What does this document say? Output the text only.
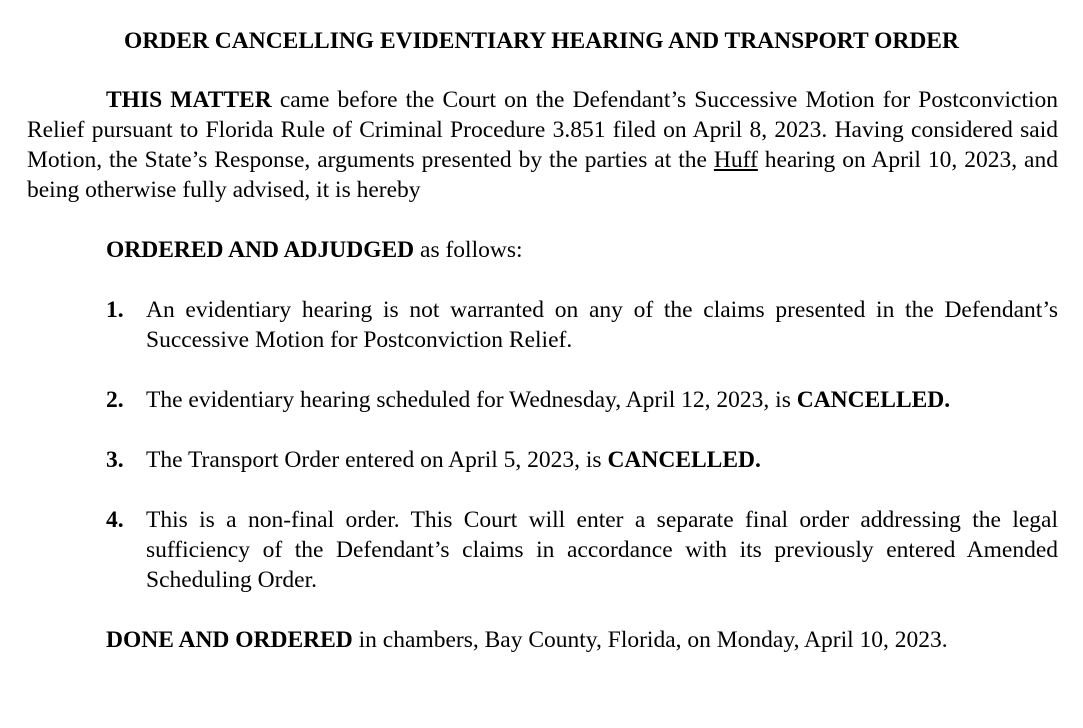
ORDER CANCELLING EVIDENTIARY HEARING AND TRANSPORT ORDER

THIS MATTER came before the Court on the Defendant’s Successive Motion for Postconviction Relief pursuant to Florida Rule of Criminal Procedure 3.851 filed on April 8, 2023. Having considered said Motion, the State’s Response, arguments presented by the parties at the Huff hearing on April 10, 2023, and being otherwise fully advised, it is hereby

ORDERED AND ADJUDGED as follows:

1. An evidentiary hearing is not warranted on any of the claims presented in the Defendant’s Successive Motion for Postconviction Relief.
2. The evidentiary hearing scheduled for Wednesday, April 12, 2023, is CANCELLED.
3. The Transport Order entered on April 5, 2023, is CANCELLED.
4. This is a non-final order. This Court will enter a separate final order addressing the legal sufficiency of the Defendant’s claims in accordance with its previously entered Amended Scheduling Order.

DONE AND ORDERED in chambers, Bay County, Florida, on Monday, April 10, 2023.
